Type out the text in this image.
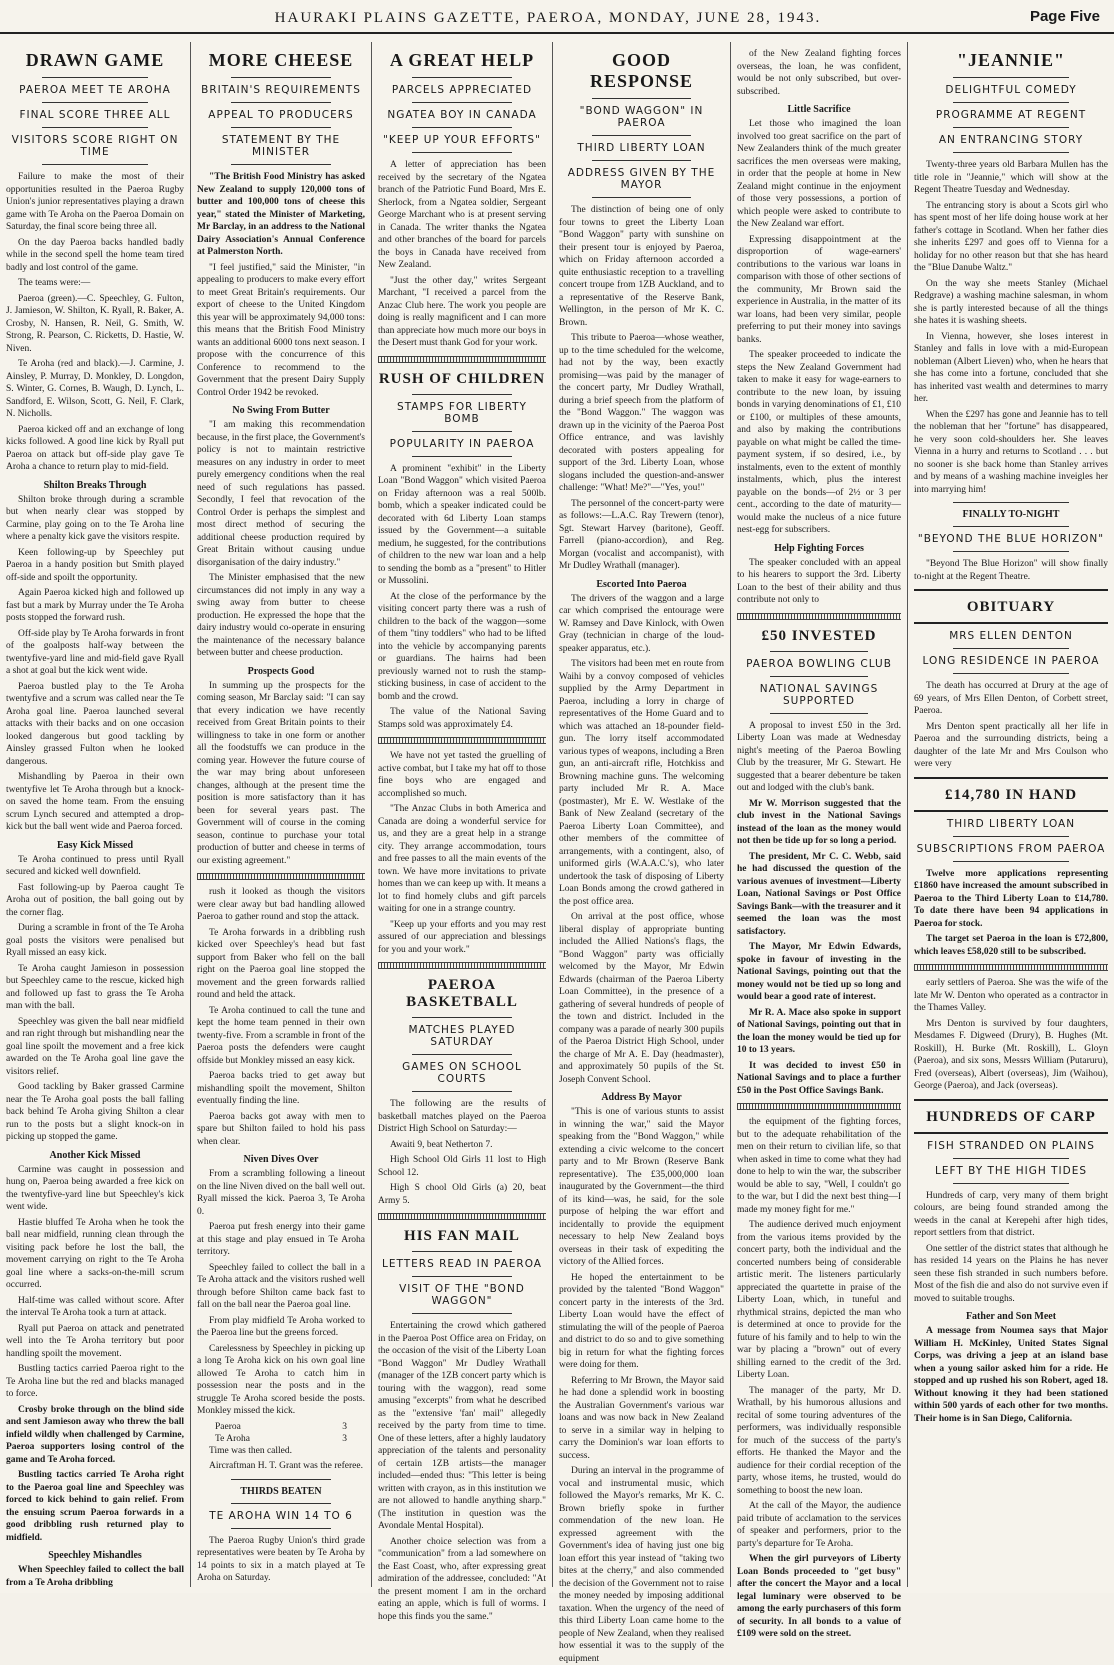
HAURAKI PLAINS GAZETTE, PAEROA, MONDAY, JUNE 28, 1943.	Page Five
DRAWN GAME
PAEROA MEET TE AROHA
FINAL SCORE THREE ALL
VISITORS SCORE RIGHT ON TIME

Failure to make the most of their opportunities resulted in the Paeroa Rugby Union's junior representatives playing a drawn game with Te Aroha on the Paeroa Domain on Saturday, the final score being three all.

On the day Paeroa backs handled badly while in the second spell the home team tired badly and lost control of the game.

The teams were:—

Paeroa (green).—C. Speechley, G. Fulton, J. Jamieson, W. Shilton, K. Ryall, R. Baker, A. Crosby, N. Hansen, R. Neil, G. Smith, W. Strong, R. Pearson, C. Ricketts, D. Hastie, W. Niven.

Te Aroha (red and black).—J. Carmine, J. Ainsley, P. Murray, D. Monkley, D. Longdon, S. Winter, G. Cornes, B. Waugh, D. Lynch, L. Sandford, E. Wilson, Scott, G. Neil, F. Clark, N. Nicholls.

Paeroa kicked off and an exchange of long kicks followed. A good line kick by Ryall put Paeroa on attack but off-side play gave Te Aroha a chance to return play to mid-field.

Shilton Breaks Through

Shilton broke through during a scramble but when nearly clear was stopped by Carmine, play going on to the Te Aroha line where a penalty kick gave the visitors respite.

Keen following-up by Speechley put Paeroa in a handy position but Smith played off-side and spoilt the opportunity.

Again Paeroa kicked high and followed up fast but a mark by Murray under the Te Aroha posts stopped the forward rush.

Off-side play by Te Aroha forwards in front of the goalposts half-way between the twentyfive-yard line and mid-field gave Ryall a shot at goal but the kick went wide.

Paeroa bustled play to the Te Aroha twentyfive and a scrum was called near the Te Aroha goal line. Paeroa launched several attacks with their backs and on one occasion looked dangerous but good tackling by Ainsley grassed Fulton when he looked dangerous.

Mishandling by Paeroa in their own twentyfive let Te Aroha through but a knock-on saved the home team. From the ensuing scrum Lynch secured and attempted a drop-kick but the ball went wide and Paeroa forced.

Easy Kick Missed

Te Aroha continued to press until Ryall secured and kicked well downfield.

Fast following-up by Paeroa caught Te Aroha out of position, the ball going out by the corner flag.

During a scramble in front of the Te Aroha goal posts the visitors were penalised but Ryall missed an easy kick.

Te Aroha caught Jamieson in possession but Speechley came to the rescue, kicked high and followed up fast to grass the Te Aroha man with the ball.

Speechley was given the ball near midfield and ran right through but mishandling near the goal line spoilt the movement and a free kick awarded on the Te Aroha goal line gave the visitors relief.

Good tackling by Baker grassed Carmine near the Te Aroha goal posts the ball falling back behind Te Aroha giving Shilton a clear run to the posts but a slight knock-on in picking up stopped the game.

Another Kick Missed

Carmine was caught in possession and hung on, Paeroa being awarded a free kick on the twentyfive-yard line but Speechley's kick went wide.

Hastie bluffed Te Aroha when he took the ball near midfield, running clean through the visiting pack before he lost the ball, the movement carrying on right to the Te Aroha goal line where a sacks-on-the-mill scrum occurred.

Half-time was called without score. After the interval Te Aroha took a turn at attack.

Ryall put Paeroa on attack and penetrated well into the Te Aroha territory but poor handling spoilt the movement.

Bustling tactics carried Paeroa right to the Te Aroha line but the red and blacks managed to force.

Crosby broke through on the blind side and sent Jamieson away who threw the ball infield wildly when challenged by Carmine, Paeroa supporters losing control of the game and Te Aroha forced.

Bustling tactics carried Te Aroha right to the Paeroa goal line and Speechley was forced to kick behind to gain relief. From the ensuing scrum Paeroa forwards in a good dribbling rush returned play to midfield.

Speechley Mishandles

When Speechley failed to collect the ball from a Te Aroha dribbling

MORE CHEESE
BRITAIN'S REQUIREMENTS
APPEAL TO PRODUCERS
STATEMENT BY THE MINISTER

"The British Food Ministry has asked New Zealand to supply 120,000 tons of butter and 100,000 tons of cheese this year," stated the Minister of Marketing, Mr Barclay, in an address to the National Dairy Association's Annual Conference at Palmerston North.

"I feel justified," said the Minister, "in appealing to producers to make every effort to meet Great Britain's requirements. Our export of cheese to the United Kingdom this year will be approximately 94,000 tons: this means that the British Food Ministry wants an additional 6000 tons next season. I propose with the concurrence of this Conference to recommend to the Government that the present Dairy Supply Control Order 1942 be revoked.

No Swing From Butter

"I am making this recommendation because, in the first place, the Government's policy is not to maintain restrictive measures on any industry in order to meet purely emergency conditions when the real need of such regulations has passed. Secondly, I feel that revocation of the Control Order is perhaps the simplest and most direct method of securing the additional cheese production required by Great Britain without causing undue disorganisation of the dairy industry."

The Minister emphasised that the new circumstances did not imply in any way a swing away from butter to cheese production. He expressed the hope that the dairy industry would co-operate in ensuring the maintenance of the necessary balance between butter and cheese production.

Prospects Good

In summing up the prospects for the coming season, Mr Barclay said: "I can say that every indication we have recently received from Great Britain points to their willingness to take in one form or another all the foodstuffs we can produce in the coming year. However the future course of the war may bring about unforeseen changes, although at the present time the position is more satisfactory than it has been for several years past. The Government will of course in the coming season, continue to purchase your total production of butter and cheese in terms of our existing agreement."

rush it looked as though the visitors were clear away but bad handling allowed Paeroa to gather round and stop the attack.

Te Aroha forwards in a dribbling rush kicked over Speechley's head but fast support from Baker who fell on the ball right on the Paeroa goal line stopped the movement and the green forwards rallied round and held the attack.

Te Aroha continued to call the tune and kept the home team penned in their own twenty-five. From a scramble in front of the Paeroa posts the defenders were caught offside but Monkley missed an easy kick.

Paeroa backs tried to get away but mishandling spoilt the movement, Shilton eventually finding the line.

Paeroa backs got away with men to spare but Shilton failed to hold his pass when clear.

Niven Dives Over

From a scrambling following a lineout on the line Niven dived on the ball well out. Ryall missed the kick. Paeroa 3, Te Aroha 0.

Paeroa put fresh energy into their game at this stage and play ensued in Te Aroha territory.

Speechley failed to collect the ball in a Te Aroha attack and the visitors rushed well through before Shilton came back fast to fall on the ball near the Paeroa goal line.

From play midfield Te Aroha worked to the Paeroa line but the greens forced.

Carelessness by Speechley in picking up a long Te Aroha kick on his own goal line allowed Te Aroha to catch him in possession near the posts and in the struggle Te Aroha scored beside the posts. Monkley missed the kick.

Paeroa	3
Te Aroha	3

Time was then called.

Aircraftman H. T. Grant was the referee.

THIRDS BEATEN
TE AROHA WIN 14 TO 6

The Paeroa Rugby Union's third grade representatives were beaten by Te Aroha by 14 points to six in a match played at Te Aroha on Saturday.

A GREAT HELP
PARCELS APPRECIATED
NGATEA BOY IN CANADA
"KEEP UP YOUR EFFORTS"

A letter of appreciation has been received by the secretary of the Ngatea branch of the Patriotic Fund Board, Mrs E. Sherlock, from a Ngatea soldier, Sergeant George Marchant who is at present serving in Canada. The writer thanks the Ngatea and other branches of the board for parcels the boys in Canada have received from New Zealand.

"Just the other day," writes Sergeant Marchant, "I received a parcel from the Anzac Club here. The work you people are doing is really magnificent and I can more than appreciate how much more our boys in the Desert must thank God for your work.

RUSH OF CHILDREN
STAMPS FOR LIBERTY BOMB
POPULARITY IN PAEROA

A prominent "exhibit" in the Liberty Loan "Bond Waggon" which visited Paeroa on Friday afternoon was a real 500lb. bomb, which a speaker indicated could be decorated with 6d Liberty Loan stamps issued by the Government—a suitable medium, he suggested, for the contributions of children to the new war loan and a help to sending the bomb as a "present" to Hitler or Mussolini.

At the close of the performance by the visiting concert party there was a rush of children to the back of the waggon—some of them "tiny toddlers" who had to be lifted into the vehicle by accompanying parents or guardians. The hairns had been previously warned not to rush the stamp-sticking business, in case of accident to the bomb and the crowd.

The value of the National Saving Stamps sold was approximately £4.

We have not yet tasted the gruelling of active combat, but I take my hat off to those fine boys who are engaged and accomplished so much.

"The Anzac Clubs in both America and Canada are doing a wonderful service for us, and they are a great help in a strange city. They arrange accommodation, tours and free passes to all the main events of the town. We have more invitations to private homes than we can keep up with. It means a lot to find homely clubs and gift parcels waiting for one in a strange country.

"Keep up your efforts and you may rest assured of our appreciation and blessings for you and your work."

PAEROA BASKETBALL
MATCHES PLAYED SATURDAY
GAMES ON SCHOOL COURTS

The following are the results of basketball matches played on the Paeroa District High School on Saturday:—

Awaiti 9, beat Netherton 7.

High School Old Girls 11 lost to High School 12.

High S chool Old Girls (a) 20, beat Army 5.

HIS FAN MAIL
LETTERS READ IN PAEROA
VISIT OF THE "BOND WAGGON"

Entertaining the crowd which gathered in the Paeroa Post Office area on Friday, on the occasion of the visit of the Liberty Loan "Bond Waggon" Mr Dudley Wrathall (manager of the 1ZB concert party which is touring with the waggon), read some amusing "excerpts" from what he described as the "extensive 'fan' mail" allegedly received by the party from time to time. One of these letters, after a highly laudatory appreciation of the talents and personality of certain 1ZB artists—the manager included—ended thus: "This letter is being written with crayon, as in this institution we are not allowed to handle anything sharp." (The institution in question was the Avondale Mental Hospital).

Another choice selection was from a "communication" from a lad somewhere on the East Coast, who, after expressing great admiration of the addressee, concluded: "At the present moment I am in the orchard eating an apple, which is full of worms. I hope this finds you the same."

GOOD RESPONSE
"BOND WAGGON" IN PAEROA
THIRD LIBERTY LOAN
ADDRESS GIVEN BY THE MAYOR

The distinction of being one of only four towns to greet the Liberty Loan "Bond Waggon" party with sunshine on their present tour is enjoyed by Paeroa, which on Friday afternoon accorded a quite enthusiastic reception to a travelling concert troupe from 1ZB Auckland, and to a representative of the Reserve Bank, Wellington, in the person of Mr K. C. Brown.

This tribute to Paeroa—whose weather, up to the time scheduled for the welcome, had not by the way, been exactly promising—was paid by the manager of the concert party, Mr Dudley Wrathall, during a brief speech from the platform of the "Bond Waggon." The waggon was drawn up in the vicinity of the Paeroa Post Office entrance, and was lavishly decorated with posters appealing for support of the 3rd. Liberty Loan, whose slogans included the question-and-answer challenge: "What! Me?"—"Yes, you!"

The personnel of the concert-party were as follows:—L.A.C. Ray Trewern (tenor), Sgt. Stewart Harvey (baritone), Geoff. Farrell (piano-accordion), and Reg. Morgan (vocalist and accompanist), with Mr Dudley Wrathall (manager).

Escorted Into Paeroa

The drivers of the waggon and a large car which comprised the entourage were W. Ramsey and Dave Kinlock, with Owen Gray (technician in charge of the loud-speaker apparatus, etc.).

The visitors had been met en route from Waihi by a convoy composed of vehicles supplied by the Army Department in Paeroa, including a lorry in charge of representatives of the Home Guard and to which was attached an 18-pounder field-gun. The lorry itself accommodated various types of weapons, including a Bren gun, an anti-aircraft rifle, Hotchkiss and Browning machine guns. The welcoming party included Mr R. A. Mace (postmaster), Mr E. W. Westlake of the Bank of New Zealand (secretary of the Paeroa Liberty Loan Committee), and other members of the committee of arrangements, with a contingent, also, of uniformed girls (W.A.A.C.'s), who later undertook the task of disposing of Liberty Loan Bonds among the crowd gathered in the post office area.

On arrival at the post office, whose liberal display of appropriate bunting included the Allied Nations's flags, the "Bond Waggon" party was officially welcomed by the Mayor, Mr Edwin Edwards (chairman of the Paeroa Liberty Loan Committee), in the presence of a gathering of several hundreds of people of the town and district. Included in the company was a parade of nearly 300 pupils of the Paeroa District High School, under the charge of Mr A. E. Day (headmaster), and approximately 50 pupils of the St. Joseph Convent School.

Address By Mayor

"This is one of various stunts to assist in winning the war," said the Mayor speaking from the "Bond Waggon," while extending a civic welcome to the concert party and to Mr Brown (Reserve Bank representative). The £35,000,000 loan inaugurated by the Government—the third of its kind—was, he said, for the sole purpose of helping the war effort and incidentally to provide the equipment necessary to help New Zealand boys overseas in their task of expediting the victory of the Allied forces.

He hoped the entertainment to be provided by the talented "Bond Waggon" concert party in the interests of the 3rd. Liberty Loan would have the effect of stimulating the will of the people of Paeroa and district to do so and to give something big in return for what the fighting forces were doing for them.

Referring to Mr Brown, the Mayor said he had done a splendid work in boosting the Australian Government's various war loans and was now back in New Zealand to serve in a similar way in helping to carry the Dominion's war loan efforts to success.

During an interval in the programme of vocal and instrumental music, which followed the Mayor's remarks, Mr K. C. Brown briefly spoke in further commendation of the new loan. He expressed agreement with the Government's idea of having just one big loan effort this year instead of "taking two bites at the cherry," and also commended the decision of the Government not to raise the money needed by imposing additional taxation. When the urgency of the need of this third Liberty Loan came home to the people of New Zealand, when they realised how essential it was to the supply of the equipment

of the New Zealand fighting forces overseas, the loan, he was confident, would be not only subscribed, but over-subscribed.

Little Sacrifice

Let those who imagined the loan involved too great sacrifice on the part of New Zealanders think of the much greater sacrifices the men overseas were making, in order that the people at home in New Zealand might continue in the enjoyment of those very possessions, a portion of which people were asked to contribute to the New Zealand war effort.

Expressing disappointment at the disproportion of wage-earners' contributions to the various war loans in comparison with those of other sections of the community, Mr Brown said the experience in Australia, in the matter of its war loans, had been very similar, people preferring to put their money into savings banks.

The speaker proceeded to indicate the steps the New Zealand Government had taken to make it easy for wage-earners to contribute to the new loan, by issuing bonds in varying denominations of £1, £10 or £100, or multiples of these amounts, and also by making the contributions payable on what might be called the time-payment system, if so desired, i.e., by instalments, even to the extent of monthly instalments, which, plus the interest payable on the bonds—of 2½ or 3 per cent., according to the date of maturity—would make the nucleus of a nice future nest-egg for subscribers.

Help Fighting Forces

The speaker concluded with an appeal to his hearers to support the 3rd. Liberty Loan to the best of their ability and thus contribute not only to

£50 INVESTED
PAEROA BOWLING CLUB
NATIONAL SAVINGS SUPPORTED

A proposal to invest £50 in the 3rd. Liberty Loan was made at Wednesday night's meeting of the Paeroa Bowling Club by the treasurer, Mr G. Stewart. He suggested that a bearer debenture be taken out and lodged with the club's bank.

Mr W. Morrison suggested that the club invest in the National Savings instead of the loan as the money would not then be tide up for so long a period.

The president, Mr C. C. Webb, said he had discussed the question of the various avenues of investment—Liberty Loan, National Savings or Post Office Savings Bank—with the treasurer and it seemed the loan was the most satisfactory.

The Mayor, Mr Edwin Edwards, spoke in favour of investing in the National Savings, pointing out that the money would not be tied up so long and would bear a good rate of interest.

Mr R. A. Mace also spoke in support of National Savings, pointing out that in the loan the money would be tied up for 10 to 13 years.

It was decided to invest £50 in National Savings and to place a further £50 in the Post Office Savings Bank.

the equipment of the fighting forces, but to the adequate rehabilitation of the men on their return to civilian life, so that when asked in time to come what they had done to help to win the war, the subscriber would be able to say, "Well, I couldn't go to the war, but I did the next best thing—I made my money fight for me."

The audience derived much enjoyment from the various items provided by the concert party, both the individual and the concerted numbers being of considerable artistic merit. The listeners particularly appreciated the quartette in praise of the Liberty Loan, which, in tuneful and rhythmical strains, depicted the man who is determined at once to provide for the future of his family and to help to win the war by placing a "brown" out of every shilling earned to the credit of the 3rd. Liberty Loan.

The manager of the party, Mr D. Wrathall, by his humorous allusions and recital of some touring adventures of the performers, was individually responsible for much of the success of the party's efforts. He thanked the Mayor and the audience for their cordial reception of the party, whose items, he trusted, would do something to boost the new loan.

At the call of the Mayor, the audience paid tribute of acclamation to the services of speaker and performers, prior to the party's departure for Te Aroha.

When the girl purveyors of Liberty Loan Bonds proceeded to "get busy" after the concert the Mayor and a local legal luminary were observed to be among the early purchasers of this form of security. In all bonds to a value of £109 were sold on the street.

"JEANNIE"
DELIGHTFUL COMEDY
PROGRAMME AT REGENT
AN ENTRANCING STORY

Twenty-three years old Barbara Mullen has the title role in "Jeannie," which will show at the Regent Theatre Tuesday and Wednesday.

The entrancing story is about a Scots girl who has spent most of her life doing house work at her father's cottage in Scotland. When her father dies she inherits £297 and goes off to Vienna for a holiday for no other reason but that she has heard the "Blue Danube Waltz."

On the way she meets Stanley (Michael Redgrave) a washing machine salesman, in whom she is partly interested because of all the things she hates it is washing sheets.

In Vienna, however, she loses interest in Stanley and falls in love with a mid-European nobleman (Albert Lieven) who, when he hears that she has come into a fortune, concluded that she has inherited vast wealth and determines to marry her.

When the £297 has gone and Jeannie has to tell the nobleman that her "fortune" has disappeared, he very soon cold-shoulders her. She leaves Vienna in a hurry and returns to Scotland . . . but no sooner is she back home than Stanley arrives and by means of a washing machine inveigles her into marrying him!

FINALLY TO-NIGHT
"BEYOND THE BLUE HORIZON"

"Beyond The Blue Horizon" will show finally to-night at the Regent Theatre.

OBITUARY
MRS ELLEN DENTON
LONG RESIDENCE IN PAEROA

The death has occurred at Drury at the age of 69 years, of Mrs Ellen Denton, of Corbett street, Paeroa.

Mrs Denton spent practically all her life in Paeroa and the surrounding districts, being a daughter of the late Mr and Mrs Coulson who were very

£14,780 IN HAND
THIRD LIBERTY LOAN
SUBSCRIPTIONS FROM PAEROA

Twelve more applications representing £1860 have increased the amount subscribed in Paeroa to the Third Liberty Loan to £14,780. To date there have been 94 applications in Paeroa for stock.

The target set Paeroa in the loan is £72,800, which leaves £58,020 still to be subscribed.

early settlers of Paeroa. She was the wife of the late Mr W. Denton who operated as a contractor in the Thames Valley.

Mrs Denton is survived by four daughters, Mesdames F. Digweed (Drury), B. Hughes (Mt. Roskill), H. Burke (Mt. Roskill), L. Gloyn (Paeroa), and six sons, Messrs William (Putaruru), Fred (overseas), Albert (overseas), Jim (Waihou), George (Paeroa), and Jack (overseas).

HUNDREDS OF CARP
FISH STRANDED ON PLAINS
LEFT BY THE HIGH TIDES

Hundreds of carp, very many of them bright colours, are being found stranded among the weeds in the canal at Kerepehi after high tides, report settlers from that district.

One settler of the district states that although he has resided 14 years on the Plains he has never seen these fish stranded in such numbers before. Most of the fish die and also do not survive even if moved to suitable troughs.

Father and Son Meet

A message from Noumea says that Major William H. McKinley, United States Signal Corps, was driving a jeep at an island base when a young sailor asked him for a ride. He stopped and up rushed his son Robert, aged 18. Without knowing it they had been stationed within 500 yards of each other for two months. Their home is in San Diego, California.
